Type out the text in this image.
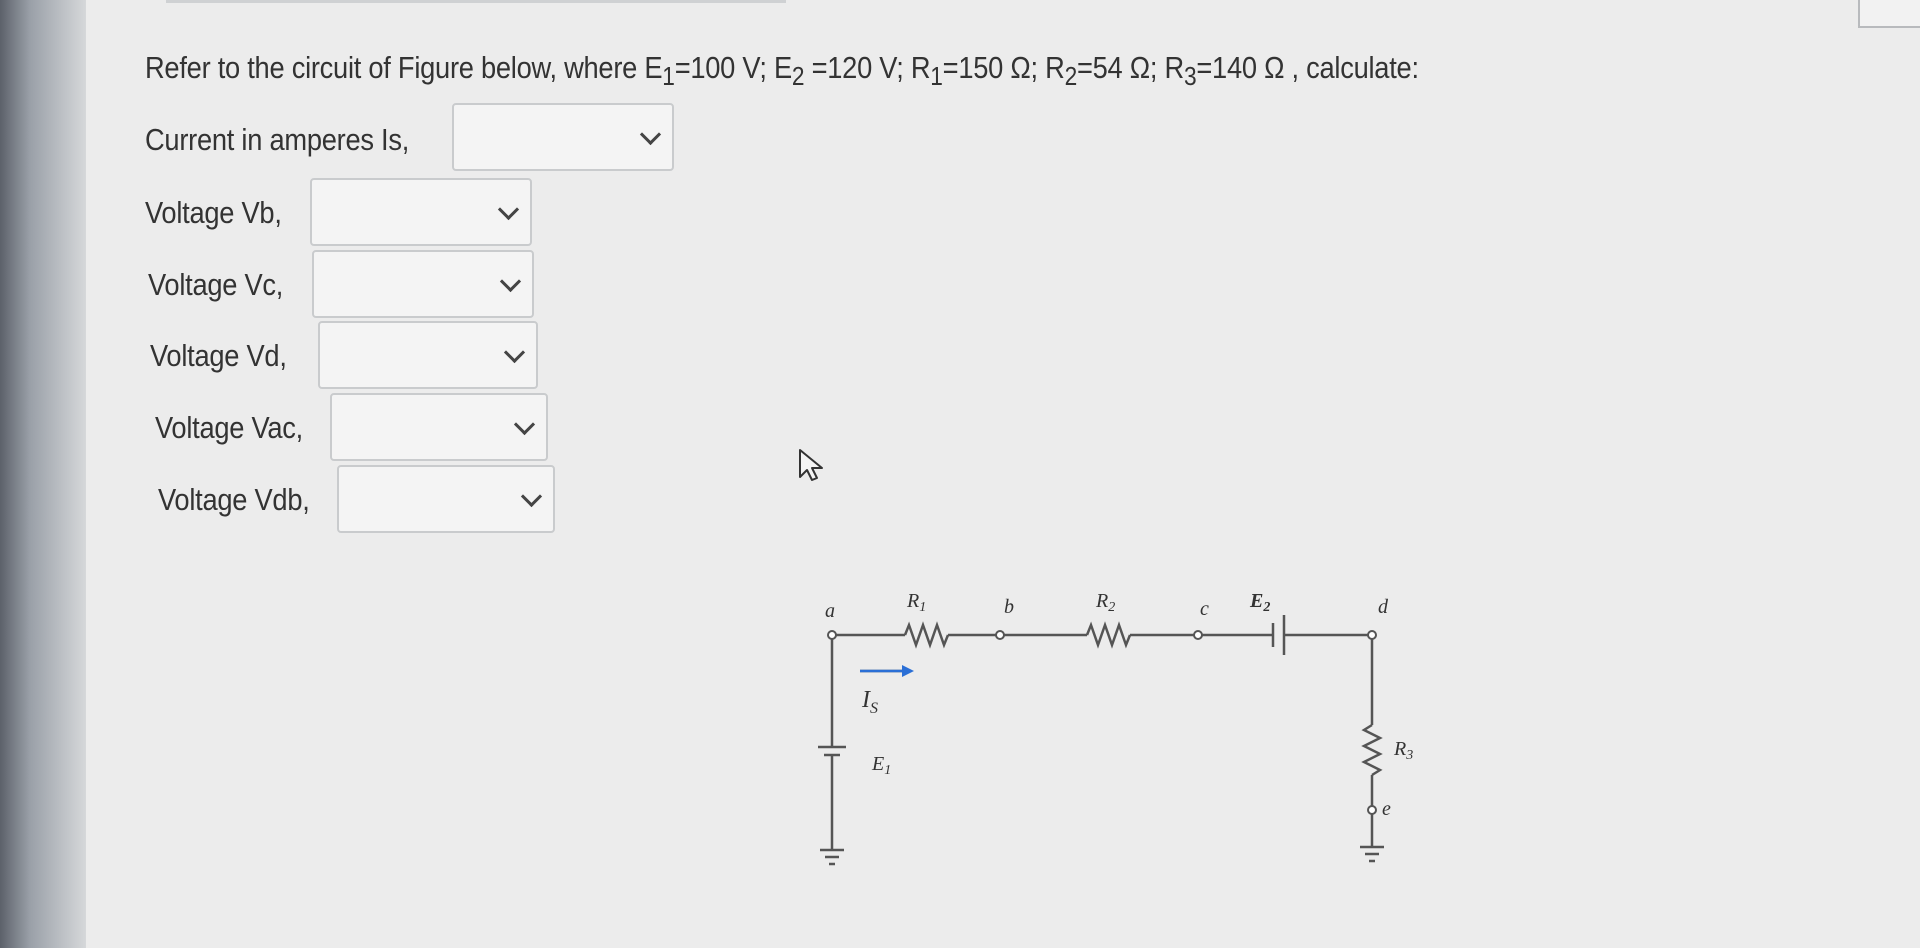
Refer to the circuit of Figure below, where $E_1=100$ V; $E_2 =120$ V; $R_1=150$ Ω; $R_2=54$ Ω; $R_3=140$ Ω , calculate:
Current in amperes Is,
Voltage Vb,
Voltage Vc,
Voltage Vd,
Voltage Vac,
Voltage Vdb,
a	b	c	d
e
$R_1$	$R_2$
$R_3$
$E_2$
$E_1$
$I_S$
